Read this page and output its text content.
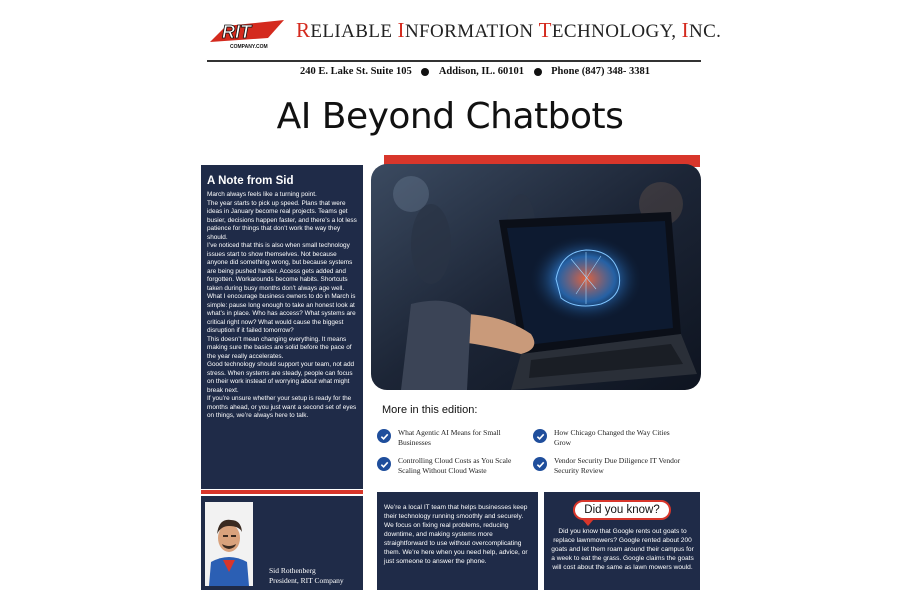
RIT
COMPANY.COM
RELIABLE INFORMATION TECHNOLOGY, INC.
240 E. Lake St. Suite 105	Addison, IL. 60101	Phone (847) 348- 3381
AI Beyond Chatbots
A Note from Sid

March always feels like a turning point.

The year starts to pick up speed. Plans that were ideas in January become real projects. Teams get busier, decisions happen faster, and there’s a lot less patience for things that don’t work the way they should.

I’ve noticed that this is also when small technology issues start to show themselves. Not because anyone did something wrong, but because systems are being pushed harder. Access gets added and forgotten. Workarounds become habits. Shortcuts taken during busy months don’t always age well.

What I encourage business owners to do in March is simple: pause long enough to take an honest look at what’s in place. Who has access? What systems are critical right now? What would cause the biggest disruption if it failed tomorrow?

This doesn’t mean changing everything. It means making sure the basics are solid before the pace of the year really accelerates.

Good technology should support your team, not add stress. When systems are steady, people can focus on their work instead of worrying about what might break next.

If you’re unsure whether your setup is ready for the months ahead, or you just want a second set of eyes on things, we’re always here to talk.

Sid Rothenberg
President, RIT Company
More in this edition:
What Agentic AI Means for Small Businesses
How Chicago Changed the Way Cities Grow
Controlling Cloud Costs as You Scale Scaling Without Cloud Waste
Vendor Security Due Diligence IT Vendor Security Review
We’re a local IT team that helps businesses keep their technology running smoothly and securely. We focus on fixing real problems, reducing downtime, and making systems more straightforward to use without overcomplicating them. We’re here when you need help, advice, or just someone to answer the phone.
Did you know?
Did you know that Google rents out goats to replace lawnmowers? Google rented about 200 goats and let them roam around their campus for a week to eat the grass. Google claims the goats will cost about the same as lawn mowers would.
